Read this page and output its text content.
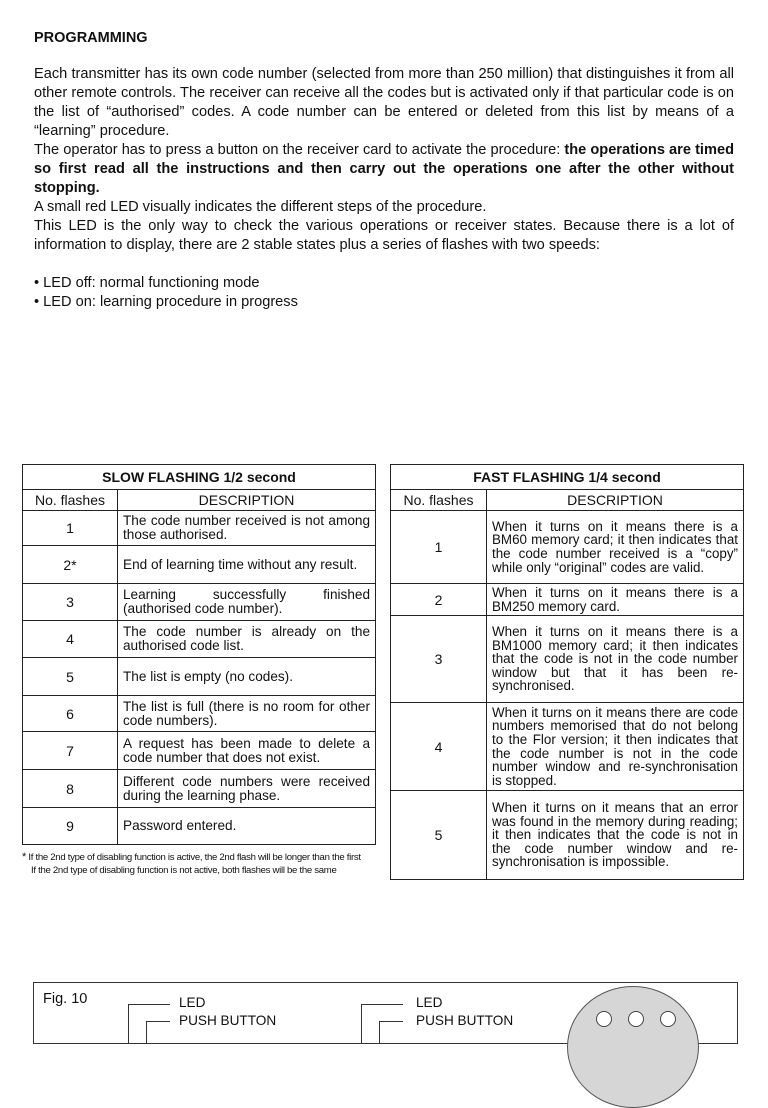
PROGRAMMING

Each transmitter has its own code number (selected from more than 250 million) that distinguishes it from all other remote controls. The receiver can receive all the codes but is activated only if that particular code is on the list of “authorised” codes. A code number can be entered or deleted from this list by means of a “learning” procedure.

The operator has to press a button on the receiver card to activate the procedure: the operations are timed so first read all the instructions and then carry out the operations one after the other without stopping.

A small red LED visually indicates the different steps of the procedure.

This LED is the only way to check the various operations or receiver states. Because there is a lot of information to display, there are 2 stable states plus a series of flashes with two speeds:

• LED off: normal functioning mode
• LED on: learning procedure in progress
SLOW FLASHING 1/2 second	
No. flashes	DESCRIPTION
1	The code number received is not among those authorised.
2*	End of learning time without any result.
3	Learning successfully finished (authorised code number).
4	The code number is already on the authorised code list.
5	The list is empty (no codes).
6	The list is full (there is no room for other code numbers).
7	A request has been made to delete a code number that does not exist.
8	Different code numbers were received during the learning phase.
9	Password entered.
FAST FLASHING 1/4 second	
No. flashes	DESCRIPTION
1	When it turns on it means there is a BM60 memory card; it then indicates that the code number received is a “copy” while only “original” codes are valid.
2	When it turns on it means there is a BM250 memory card.
3	When it turns on it means there is a BM1000 memory card; it then indicates that the code is not in the code number window but that it has been re-synchronised.
4	When it turns on it means there are code numbers memorised that do not belong to the Flor version; it then indicates that the code number is not in the code number window and re-synchronisation is stopped.
5	When it turns on it means that an error was found in the memory during reading; it then indicates that the code is not in the code number window and re-synchronisation is impossible.
* If the 2nd type of disabling function is active, the 2nd flash will be longer than the first
If the 2nd type of disabling function is not active, both flashes will be the same
Fig. 10	LED
PUSH BUTTON
LED
PUSH BUTTON
